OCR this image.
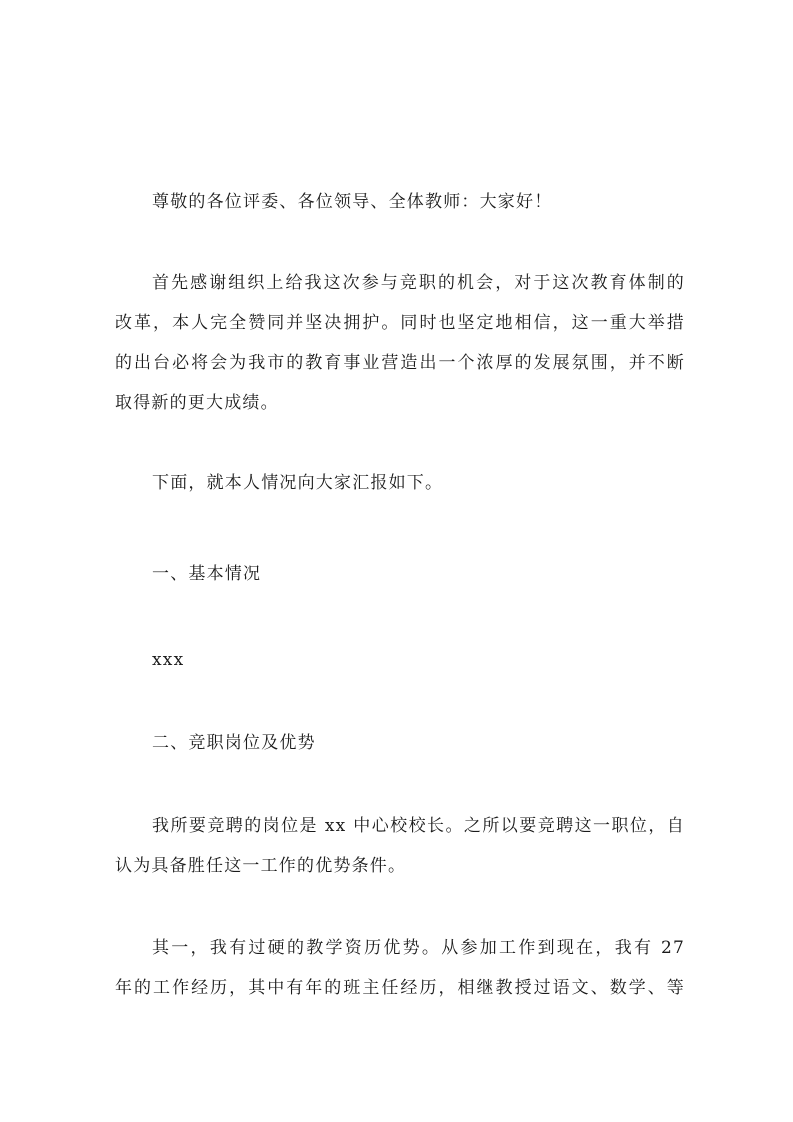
尊敬的各位评委、各位领导、全体教师：大家好！
首先感谢组织上给我这次参与竞职的机会，对于这次教育体制的
改革，本人完全赞同并坚决拥护。同时也坚定地相信，这一重大举措
的出台必将会为我市的教育事业营造出一个浓厚的发展氛围，并不断
取得新的更大成绩。
下面，就本人情况向大家汇报如下。
一、基本情况
xxx
二、竞职岗位及优势
我所要竞聘的岗位是 xx 中心校校长。之所以要竞聘这一职位，自
认为具备胜任这一工作的优势条件。
其一，我有过硬的教学资历优势。从参加工作到现在，我有 27
年的工作经历，其中有年的班主任经历，相继教授过语文、数学、等
